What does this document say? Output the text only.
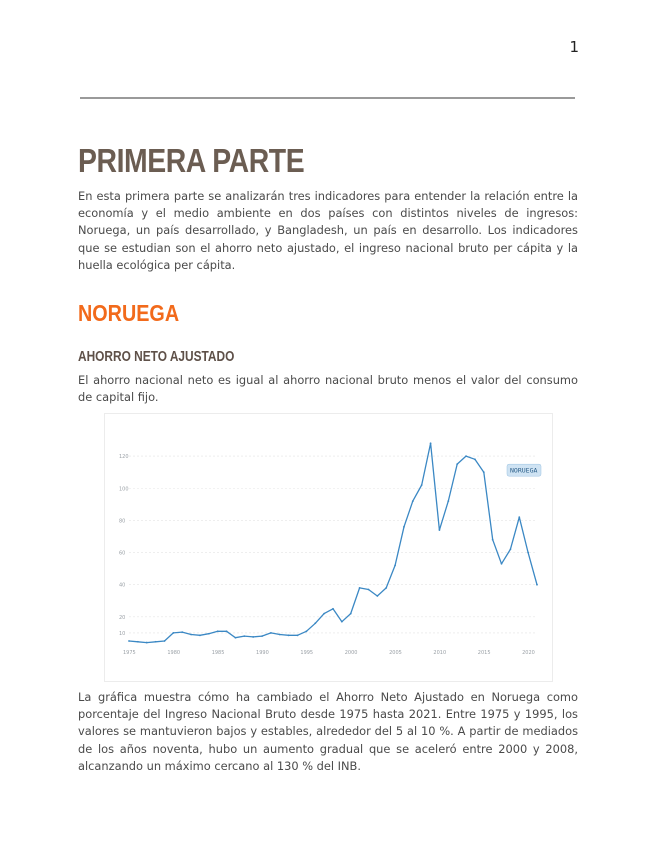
1
PRIMERA PARTE
En esta primera parte se analizarán tres indicadores para entender la relación entre la economía y el medio ambiente en dos países con distintos niveles de ingresos: Noruega, un país desarrollado, y Bangladesh, un país en desarrollo. Los indicadores que se estudian son el ahorro neto ajustado, el ingreso nacional bruto per cápita y la huella ecológica per cápita.
NORUEGA
AHORRO NETO AJUSTADO
El ahorro nacional neto es igual al ahorro nacional bruto menos el valor del consumo de capital fijo.
10
20
40
60
80
100
120
1975	1980	1985	1990	1995	2000	2005	2010	2015	2020
NORUEGA
La gráfica muestra cómo ha cambiado el Ahorro Neto Ajustado en Noruega como porcentaje del Ingreso Nacional Bruto desde 1975 hasta 2021. Entre 1975 y 1995, los valores se mantuvieron bajos y estables, alrededor del 5 al 10 %. A partir de mediados de los años noventa, hubo un aumento gradual que se aceleró entre 2000 y 2008, alcanzando un máximo cercano al 130 % del INB.
